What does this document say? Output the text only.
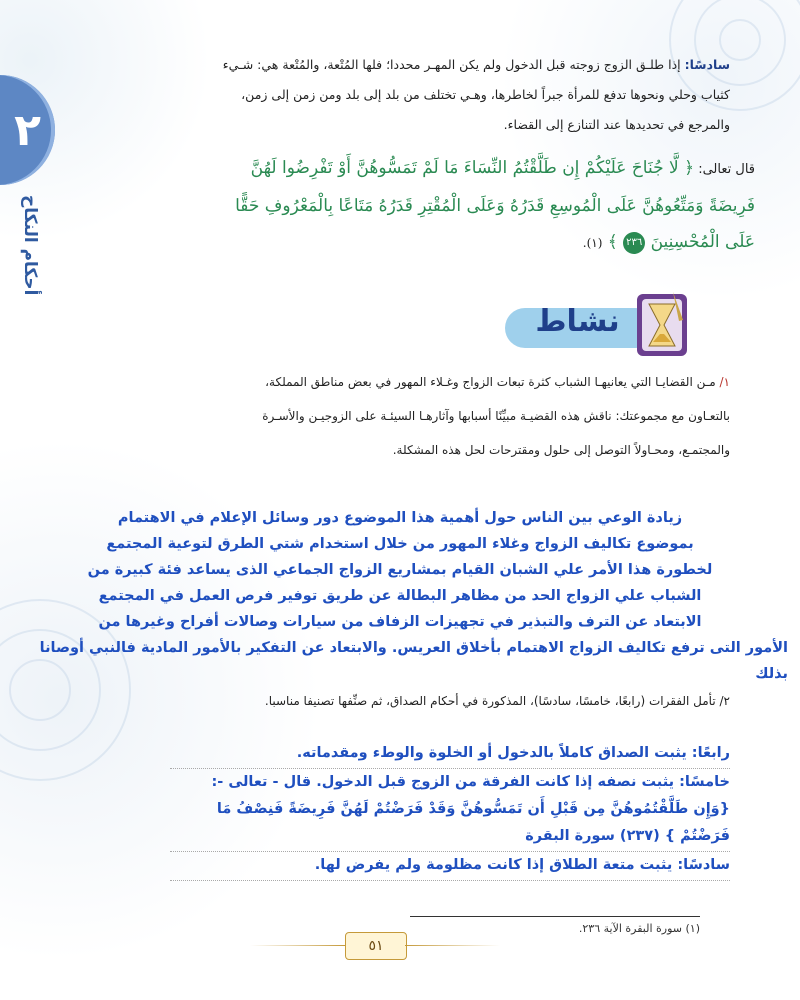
٢
أحكام النكاح
سادسًا: إذا طلـق الزوج زوجته قبل الدخول ولم يكن المهـر محددا؛ فلها المُتْعة، والمُتْعة هي: شـيء كثياب وحلي ونحوها تدفع للمرأة جبراً لخاطرها، وهـي تختلف من بلد إلى بلد ومن زمن إلى زمن، والمرجع في تحديدها عند التنازع إلى القضاء.
قال تعالى: ﴿ لَّا جُنَاحَ عَلَيْكُمْ إِن طَلَّقْتُمُ النِّسَاءَ مَا لَمْ تَمَسُّوهُنَّ أَوْ تَفْرِضُوا لَهُنَّ فَرِيضَةً وَمَتِّعُوهُنَّ عَلَى الْمُوسِعِ قَدَرُهُ وَعَلَى الْمُقْتِرِ قَدَرُهُ مَتَاعًا بِالْمَعْرُوفِ حَقًّا عَلَى الْمُحْسِنِينَ ٢٣٦ ﴾ (١).
نشاط
١/ مـن القضايـا التي يعانيهـا الشباب كثرة تبعات الزواج وغـلاء المهور في بعض مناطق المملكة، بالتعـاون مع مجموعتك: ناقش هذه القضيـة مبيِّنًا أسبابها وآثارهـا السيئـة على الزوجيـن والأسـرة والمجتمـع، ومحـاولاً التوصل إلى حلول ومقترحات لحل هذه المشكلة.
زيادة الوعي بين الناس حول أهمية هذا الموضوع دور وسائل الإعلام في الاهتمام
بموضوع تكاليف الزواج وغلاء المهور من خلال استخدام شتي الطرق لتوعية المجتمع
لخطورة هذا الأمر علي الشبان القيام بمشاريع الزواج الجماعي الذى يساعد فئة كبيرة من
الشباب علي الزواج الحد من مظاهر البطالة عن طريق توفير فرص العمل في المجتمع
الابتعاد عن الترف والتبذير في تجهيزات الزفاف من سيارات وصالات أفراح وغيرها من
الأمور التى ترفع تكاليف الزواج الاهتمام بأخلاق العريس. والابتعاد عن التفكير بالأمور المادية فالنبي أوصانا بذلك
٢/ تأمل الفقرات (رابعًا، خامسًا، سادسًا)، المذكورة في أحكام الصداق، ثم صنِّفها تصنيفا مناسبا.
رابعًا: يثبت الصداق كاملاً بالدخول أو الخلوة والوطء ومقدماته.
خامسًا: يثبت نصفه إذا كانت الفرقة من الزوج قبل الدخول. قال - تعالى -: {وَإِن طَلَّقْتُمُوهُنَّ مِن قَبْلِ أَن تَمَسُّوهُنَّ وَقَدْ فَرَضْتُمْ لَهُنَّ فَرِيضَةً فَنِصْفُ مَا فَرَضْتُمْ } (٢٣٧) سورة البقرة
سادسًا: يثبت متعة الطلاق إذا كانت مظلومة ولم يفرض لها.
(١) سورة البقرة الآية ٢٣٦.
٥١
